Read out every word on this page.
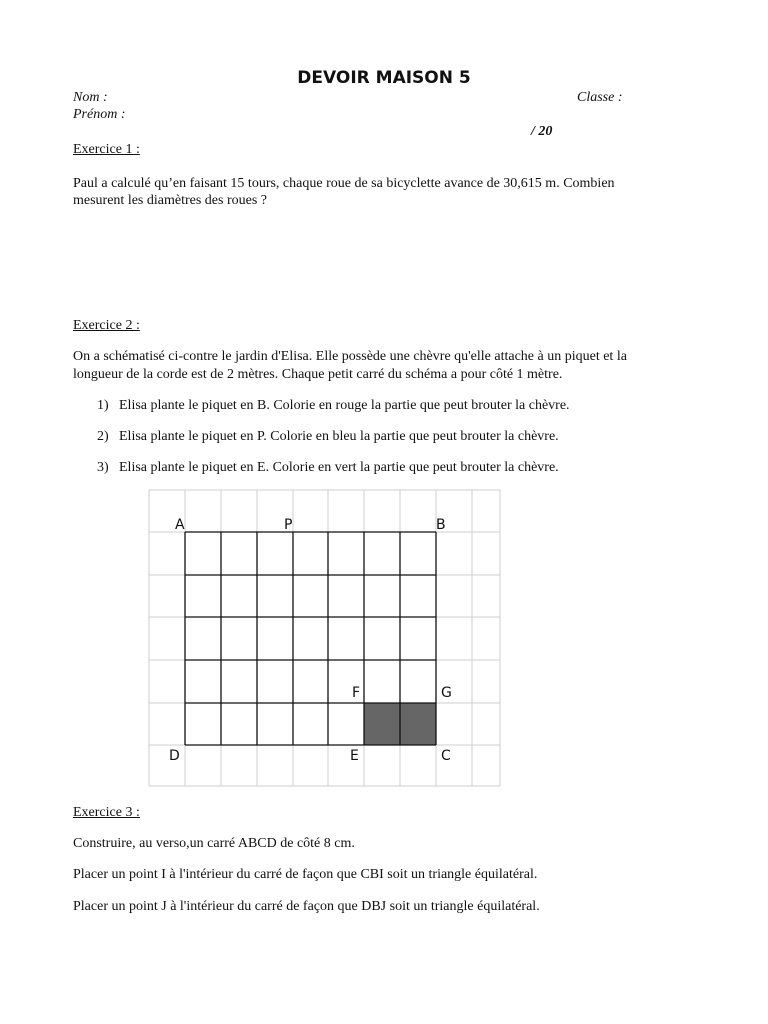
DEVOIR MAISON 5
Nom :	Classe :
Prénom :
/ 20
Exercice 1 :
Paul a calculé qu’en faisant 15 tours, chaque roue de sa bicyclette avance de 30,615 m. Combien
mesurent les diamètres des roues ?
Exercice 2 :
On a schématisé ci-contre le jardin d'Elisa. Elle possède une chèvre qu'elle attache à un piquet et la
longueur de la corde est de 2 mètres. Chaque petit carré du schéma a pour côté 1 mètre.
1) Elisa plante le piquet en B. Colorie en rouge la partie que peut brouter la chèvre.
2) Elisa plante le piquet en P. Colorie en bleu la partie que peut brouter la chèvre.
3) Elisa plante le piquet en E. Colorie en vert la partie que peut brouter la chèvre.
A	P	B
F	G
D	E	C
Exercice 3 :
Construire, au verso,un carré ABCD de côté 8 cm.
Placer un point I à l'intérieur du carré de façon que CBI soit un triangle équilatéral.
Placer un point J à l'intérieur du carré de façon que DBJ soit un triangle équilatéral.
